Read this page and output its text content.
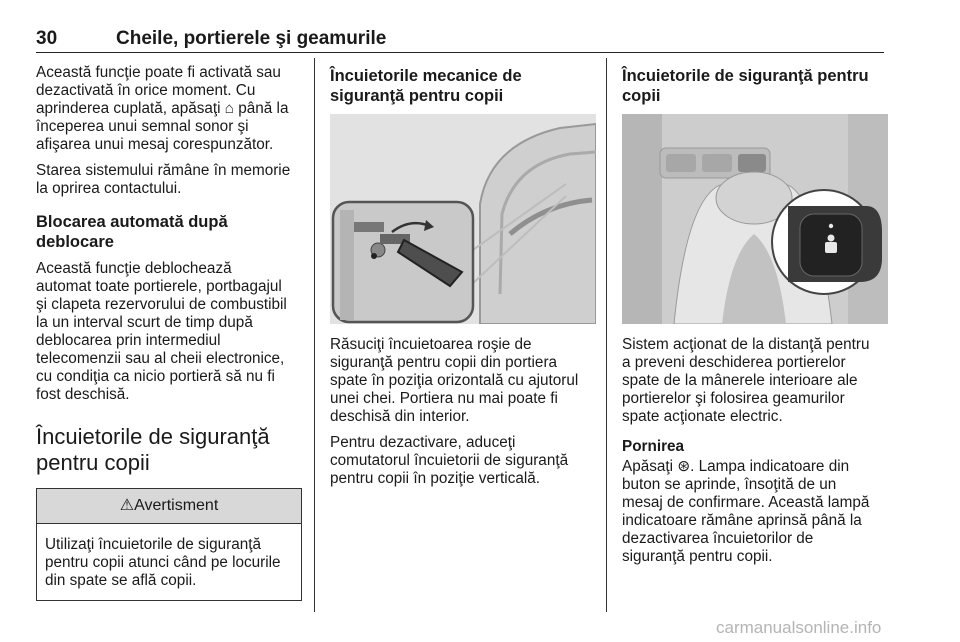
30	Cheile, portierele şi geamurile

Această funcţie poate fi activată sau
dezactivată în orice moment. Cu
aprinderea cuplată, apăsaţi ⌂ până la
începerea unui semnal sonor şi
afişarea unui mesaj corespunzător.

Starea sistemului rămâne în memorie
la oprirea contactului.

Blocarea automată după
deblocare

Această funcţie deblochează
automat toate portierele, portbagajul
şi clapeta rezervorului de combustibil
la un interval scurt de timp după
deblocarea prin intermediul
telecomenzii sau al cheii electronice,
cu condiţia ca nicio portieră să nu fi
fost deschisă.

Încuietorile de siguranţă
pentru copii
⚠Avertisment
Utilizaţi încuietorile de siguranţă
pentru copii atunci când pe locurile
din spate se află copii.
Încuietorile mecanice de
siguranţă pentru copii

Răsuciţi încuietoarea roşie de
siguranţă pentru copii din portiera
spate în poziţia orizontală cu ajutorul
unei chei. Portiera nu mai poate fi
deschisă din interior.

Pentru dezactivare, aduceţi
comutatorul încuietorii de siguranţă
pentru copii în poziţie verticală.

Încuietorile de siguranţă pentru
copii

Sistem acţionat de la distanţă pentru
a preveni deschiderea portierelor
spate de la mânerele interioare ale
portierelor şi folosirea geamurilor
spate acţionate electric.

Pornirea

Apăsaţi ⊛. Lampa indicatoare din
buton se aprinde, însoţită de un
mesaj de confirmare. Această lampă
indicatoare rămâne aprinsă până la
dezactivarea încuietorilor de
siguranţă pentru copii.

carmanualsonline.info
